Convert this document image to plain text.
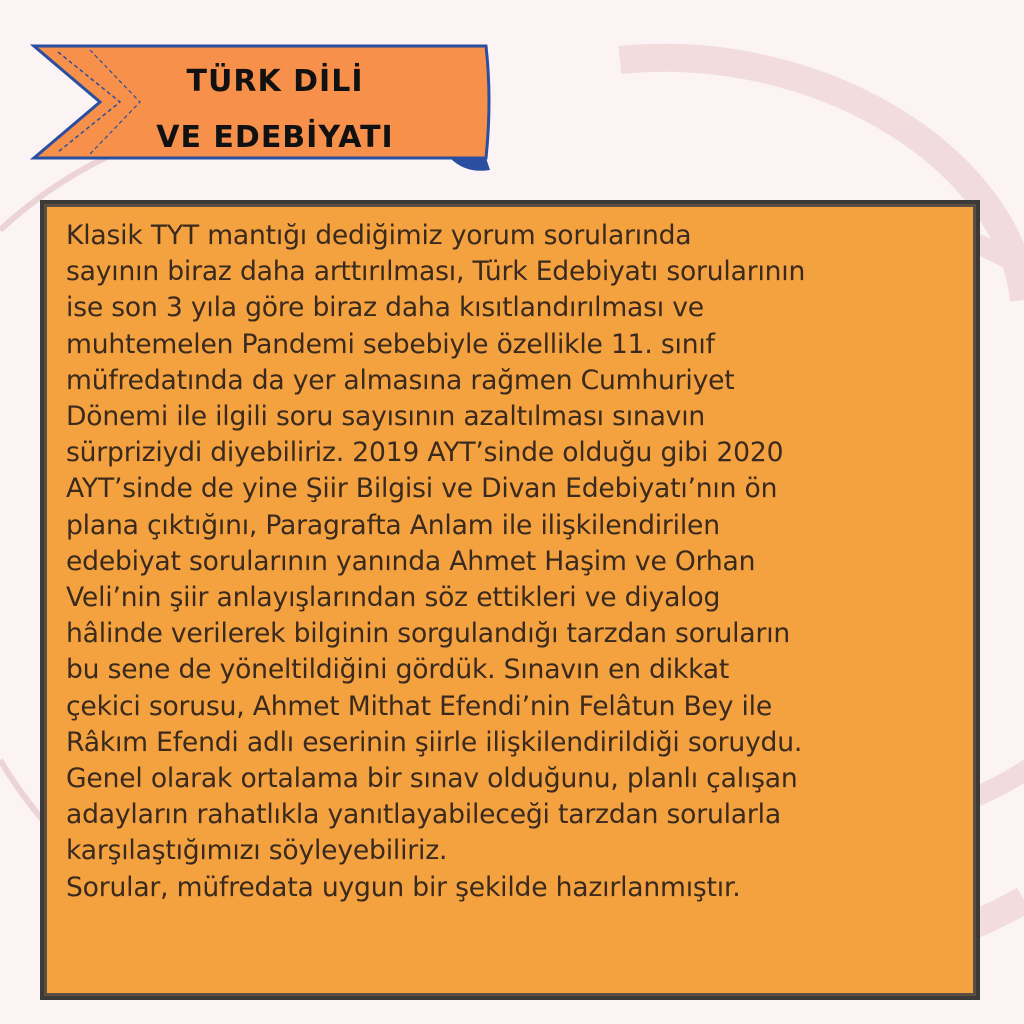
TÜRK DİLİ
VE EDEBİYATI

Klasik TYT mantığı dediğimiz yorum sorularında
sayının biraz daha arttırılması, Türk Edebiyatı sorularının
ise son 3 yıla göre biraz daha kısıtlandırılması ve
muhtemelen Pandemi sebebiyle özellikle 11. sınıf
müfredatında da yer almasına rağmen Cumhuriyet
Dönemi ile ilgili soru sayısının azaltılması sınavın
sürpriziydi diyebiliriz. 2019 AYT’sinde olduğu gibi 2020
AYT’sinde de yine Şiir Bilgisi ve Divan Edebiyatı’nın ön
plana çıktığını, Paragrafta Anlam ile ilişkilendirilen
edebiyat sorularının yanında Ahmet Haşim ve Orhan
Veli’nin şiir anlayışlarından söz ettikleri ve diyalog
hâlinde verilerek bilginin sorgulandığı tarzdan soruların
bu sene de yöneltildiğini gördük. Sınavın en dikkat
çekici sorusu, Ahmet Mithat Efendi’nin Felâtun Bey ile
Râkım Efendi adlı eserinin şiirle ilişkilendirildiği soruydu.
Genel olarak ortalama bir sınav olduğunu, planlı çalışan
adayların rahatlıkla yanıtlayabileceği tarzdan sorularla
karşılaştığımızı söyleyebiliriz.

Sorular, müfredata uygun bir şekilde hazırlanmıştır.
